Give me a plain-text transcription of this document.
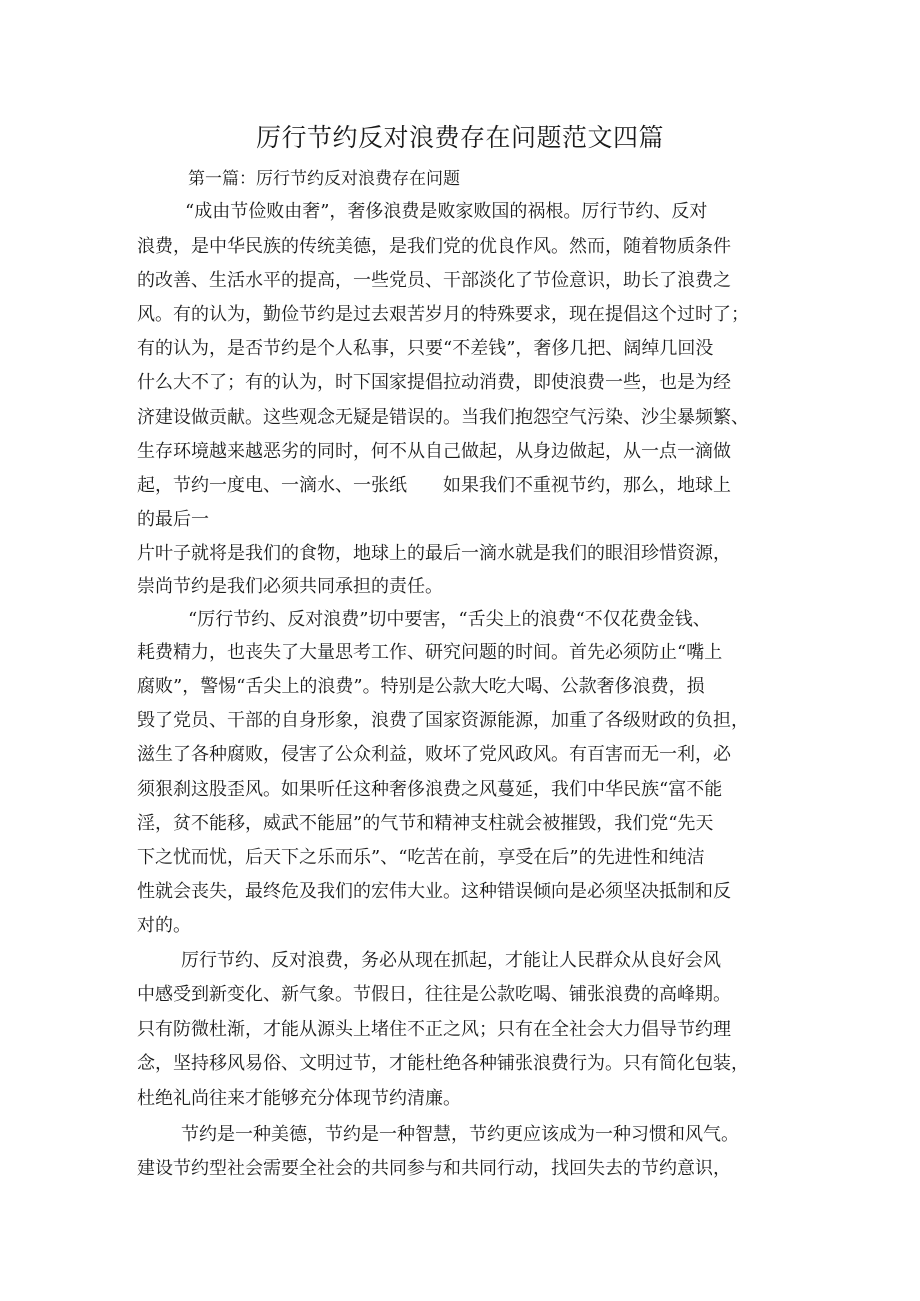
厉行节约反对浪费存在问题范文四篇
第一篇：厉行节约反对浪费存在问题
“成由节俭败由奢”，奢侈浪费是败家败国的祸根。厉行节约、反对
浪费，是中华民族的传统美德，是我们党的优良作风。然而，随着物质条件
的改善、生活水平的提高，一些党员、干部淡化了节俭意识，助长了浪费之
风。有的认为，勤俭节约是过去艰苦岁月的特殊要求，现在提倡这个过时了；
有的认为，是否节约是个人私事，只要“不差钱”，奢侈几把、阔绰几回没
什么大不了；有的认为，时下国家提倡拉动消费，即使浪费一些，也是为经
济建设做贡献。这些观念无疑是错误的。当我们抱怨空气污染、沙尘暴频繁、
生存环境越来越恶劣的同时，何不从自己做起，从身边做起，从一点一滴做
起，节约一度电、一滴水、一张纸　　如果我们不重视节约，那么，地球上
的最后一
片叶子就将是我们的食物，地球上的最后一滴水就是我们的眼泪珍惜资源，
崇尚节约是我们必须共同承担的责任。
“厉行节约、反对浪费”切中要害，“舌尖上的浪费“不仅花费金钱、
耗费精力，也丧失了大量思考工作、研究问题的时间。首先必须防止“嘴上
腐败”，警惕“舌尖上的浪费”。特别是公款大吃大喝、公款奢侈浪费，损
毁了党员、干部的自身形象，浪费了国家资源能源，加重了各级财政的负担，
滋生了各种腐败，侵害了公众利益，败坏了党风政风。有百害而无一利，必
须狠刹这股歪风。如果听任这种奢侈浪费之风蔓延，我们中华民族“富不能
淫，贫不能移，威武不能屈”的气节和精神支柱就会被摧毁，我们党“先天
下之忧而忧，后天下之乐而乐”、“吃苦在前，享受在后”的先进性和纯洁
性就会丧失，最终危及我们的宏伟大业。这种错误倾向是必须坚决抵制和反
对的。
厉行节约、反对浪费，务必从现在抓起，才能让人民群众从良好会风
中感受到新变化、新气象。节假日，往往是公款吃喝、铺张浪费的高峰期。
只有防微杜渐，才能从源头上堵住不正之风；只有在全社会大力倡导节约理
念，坚持移风易俗、文明过节，才能杜绝各种铺张浪费行为。只有简化包装，
杜绝礼尚往来才能够充分体现节约清廉。
节约是一种美德，节约是一种智慧，节约更应该成为一种习惯和风气。
建设节约型社会需要全社会的共同参与和共同行动，找回失去的节约意识，
